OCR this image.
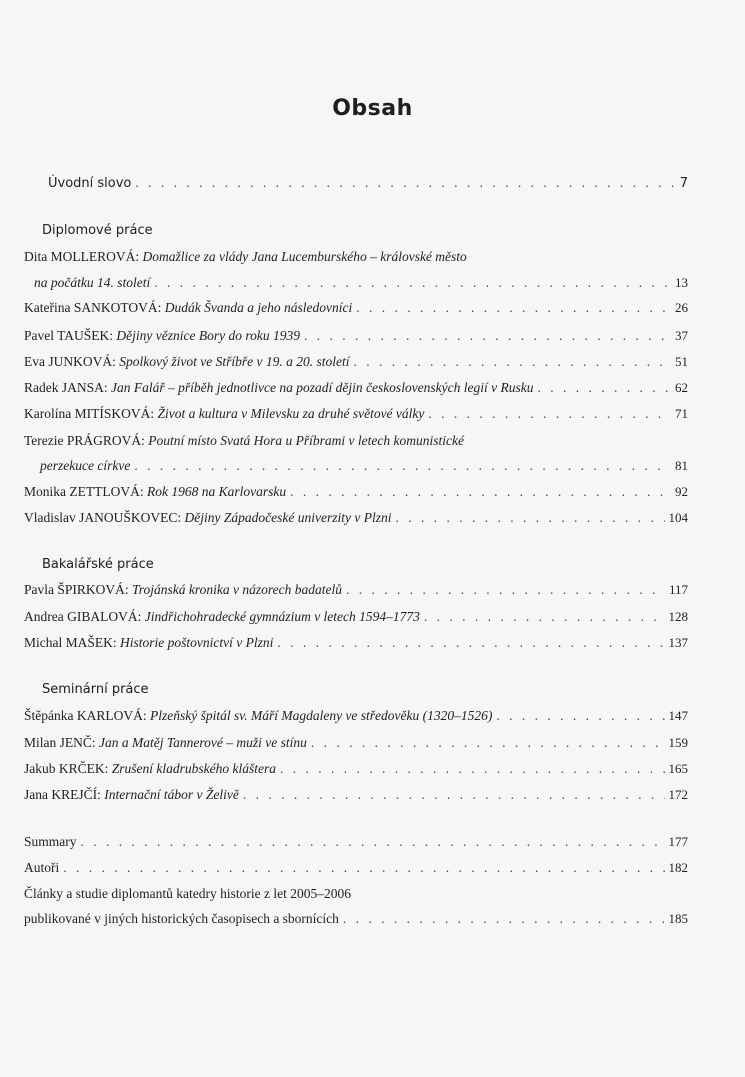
Obsah
Úvodní slovo . . .	7
Diplomové práce
Dita MOLLEROVÁ: Domažlice za vlády Jana Lucemburského – královské město
na počátku 14. století . . .	13
Kateřina SANKOTOVÁ:
Dudák Švanda a jeho následovníci . . .	26
Pavel TAUŠEK:
Dějiny věznice Bory do roku 1939 . . .	37
Eva JUNKOVÁ:
Spolkový život ve Stříbře v 19. a 20. století . . .	51
Radek JANSA:
Jan Falář – příběh jednotlivce na pozadí dějin československých legií v Rusku . . .	62
Karolína MITÍSKOVÁ:
Život a kultura v Milevsku za druhé světové války . . .	71
Terezie PRÁGROVÁ: Poutní místo Svatá Hora u Příbrami v letech komunistické
perzekuce církve . . .	81
Monika ZETTLOVÁ:
Rok 1968 na Karlovarsku . . .	92
Vladislav JANOUŠKOVEC:
Dějiny Západočeské univerzity v Plzni . . .	104
Bakalářské práce
Pavla ŠPIRKOVÁ:
Trojánská kronika v názorech badatelů . . .	117
Andrea GIBALOVÁ:
Jindřichohradecké gymnázium v letech 1594–1773 . . .	128
Michal MAŠEK:
Historie poštovnictví v Plzni . . .	137
Seminární práce
Štěpánka KARLOVÁ:
Plzeňský špitál sv. Máří Magdaleny ve středověku (1320–1526) . . .	147
Milan JENČ:
Jan a Matěj Tannerové – muži ve stínu . . .	159
Jakub KRČEK:
Zrušení kladrubského kláštera . . .	165
Jana KREJČÍ:
Internační tábor v Želivě . . .	172
Summary . . .	177
Autoři . . .	182
Články a studie diplomantů katedry historie z let 2005–2006
publikované v jiných historických časopisech a sbornících . . .	185
